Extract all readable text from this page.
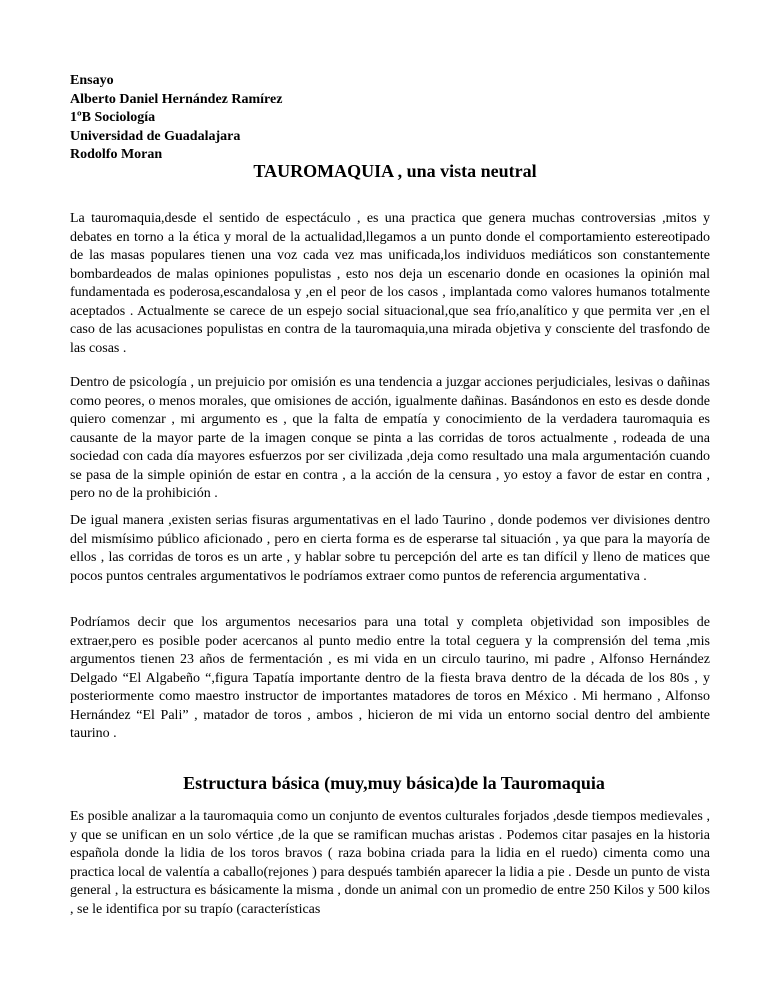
Ensayo
Alberto Daniel Hernández Ramírez
1ºB Sociología
Universidad de Guadalajara
Rodolfo Moran
TAUROMAQUIA , una vista neutral

La tauromaquia,desde el sentido de espectáculo , es una practica que genera muchas controversias ,mitos y debates en torno a la ética y moral de la actualidad,llegamos a un punto donde el comportamiento estereotipado de las masas populares tienen una voz cada vez mas unificada,los individuos mediáticos son constantemente bombardeados de malas opiniones populistas , esto nos deja un escenario donde en ocasiones la opinión mal fundamentada es poderosa,escandalosa y ,en el peor de los casos , implantada como valores humanos totalmente aceptados . Actualmente se carece de un espejo social situacional,que sea frío,analítico y que permita ver ,en el caso de las acusaciones populistas en contra de la tauromaquia,una mirada objetiva y consciente del trasfondo de las cosas .

Dentro de psicología , un prejuicio por omisión es una tendencia a juzgar acciones perjudiciales, lesivas o dañinas como peores, o menos morales, que omisiones de acción, igualmente dañinas. Basándonos en esto es desde donde quiero comenzar , mi argumento es , que la falta de empatía y conocimiento de la verdadera tauromaquia es causante de la mayor parte de la imagen conque se pinta a las corridas de toros actualmente , rodeada de una sociedad con cada día mayores esfuerzos por ser civilizada ,deja como resultado una mala argumentación cuando se pasa de la simple opinión de estar en contra , a la acción de la censura , yo estoy a favor de estar en contra , pero no de la prohibición .

De igual manera ,existen serias fisuras argumentativas en el lado Taurino , donde podemos ver divisiones dentro del mismísimo público aficionado , pero en cierta forma es de esperarse tal situación , ya que para la mayoría de ellos , las corridas de toros es un arte , y hablar sobre tu percepción del arte es tan difícil y lleno de matices que pocos puntos centrales argumentativos le podríamos extraer como puntos de referencia argumentativa .

Podríamos decir que los argumentos necesarios para una total y completa objetividad son imposibles de extraer,pero es posible poder acercanos al punto medio entre la total ceguera y la comprensión del tema ,mis argumentos tienen 23 años de fermentación , es mi vida en un circulo taurino, mi padre , Alfonso Hernández Delgado “El Algabeño “,figura Tapatía importante dentro de la fiesta brava dentro de la década de los 80s , y posteriormente como maestro instructor de importantes matadores de toros en México . Mi hermano , Alfonso Hernández “El Pali” , matador de toros , ambos , hicieron de mi vida un entorno social dentro del ambiente taurino .

Estructura básica (muy,muy básica)de la Tauromaquia

Es posible analizar a la tauromaquia como un conjunto de eventos culturales forjados ,desde tiempos medievales , y que se unifican en un solo vértice ,de la que se ramifican muchas aristas . Podemos citar pasajes en la historia española donde la lidia de los toros bravos ( raza bobina criada para la lidia en el ruedo) cimenta como una practica local de valentía a caballo(rejones ) para después también aparecer la lidia a pie . Desde un punto de vista general , la estructura es básicamente la misma , donde un animal con un promedio de entre 250 Kilos y 500 kilos , se le identifica por su trapío (características
